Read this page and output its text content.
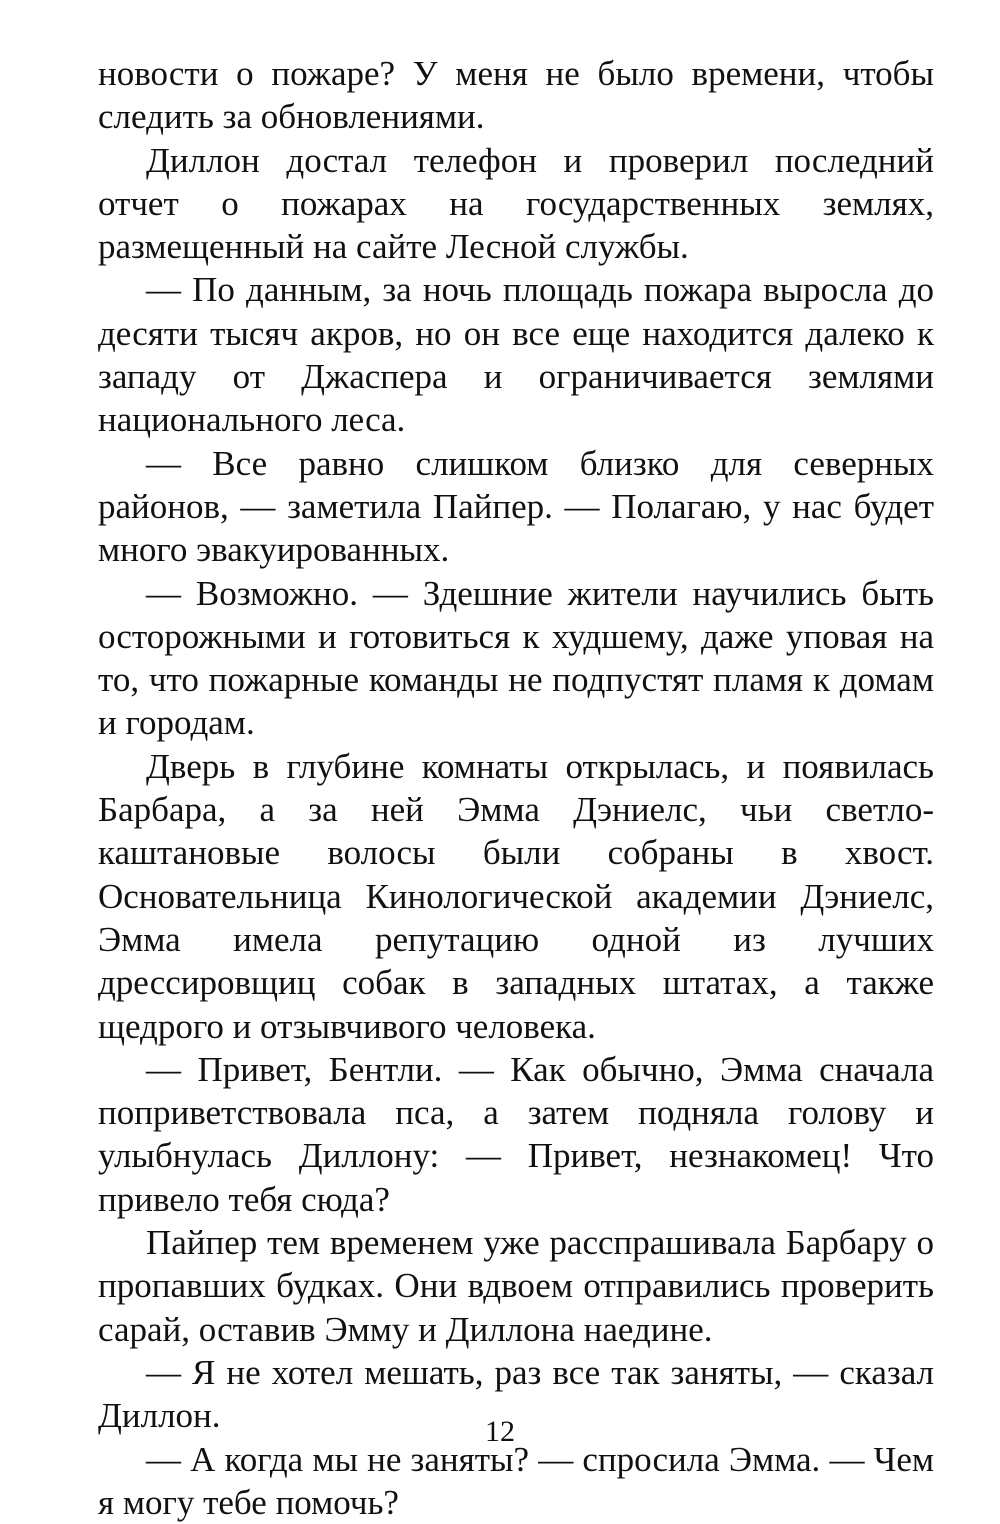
новости о пожаре? У меня не было времени, чтобы следить за обновлениями.

Диллон достал телефон и проверил последний отчет о пожарах на государственных землях, размещенный на сайте Лесной службы.

— По данным, за ночь площадь пожара выросла до десяти тысяч акров, но он все еще находится далеко к западу от Джаспера и ограничивается землями национального леса.

— Все равно слишком близко для северных районов, — заметила Пайпер. — Полагаю, у нас будет много эвакуированных.

— Возможно. — Здешние жители научились быть осторожными и готовиться к худшему, даже уповая на то, что пожарные команды не подпустят пламя к домам и городам.

Дверь в глубине комнаты открылась, и появилась Барбара, а за ней Эмма Дэниелс, чьи светло-каштановые волосы были собраны в хвост. Основательница Кинологической академии Дэниелс, Эмма имела репутацию одной из лучших дрессировщиц собак в западных штатах, а также щедрого и отзывчивого человека.

— Привет, Бентли. — Как обычно, Эмма сначала поприветствовала пса, а затем подняла голову и улыбнулась Диллону: — Привет, незнакомец! Что привело тебя сюда?

Пайпер тем временем уже расспрашивала Барбару о пропавших будках. Они вдвоем отправились проверить сарай, оставив Эмму и Диллона наедине.

— Я не хотел мешать, раз все так заняты, — сказал Диллон.

— А когда мы не заняты? — спросила Эмма. — Чем я могу тебе помочь?

12
